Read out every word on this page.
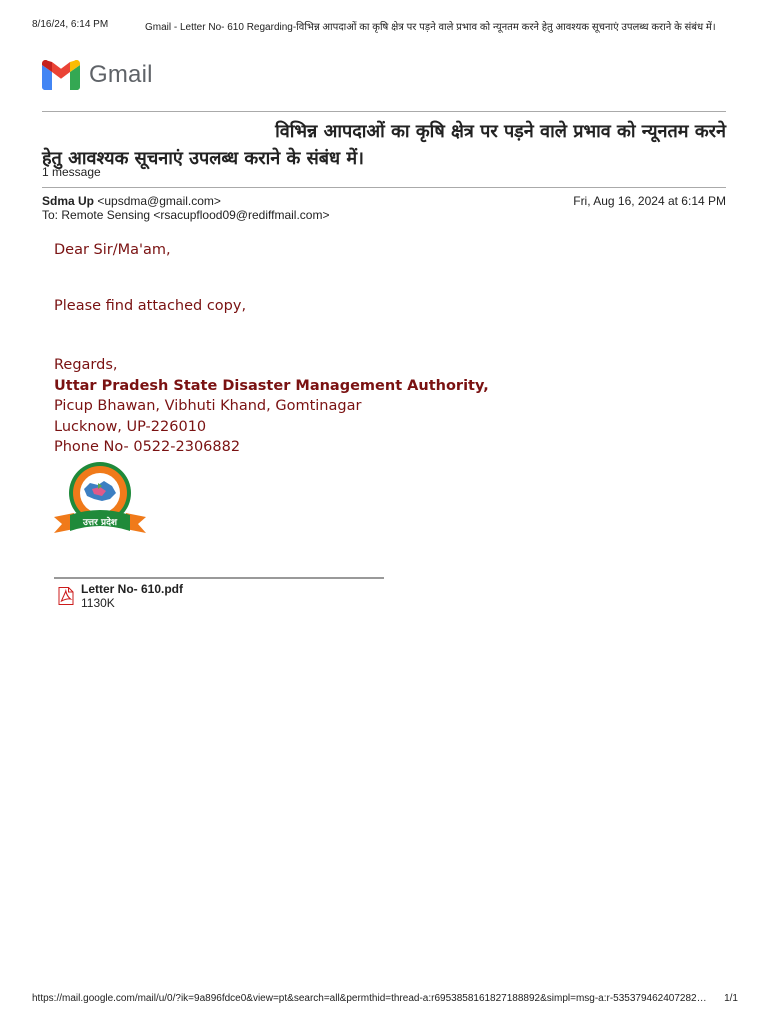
8/16/24, 6:14 PM	Gmail - Letter No- 610 Regarding-विभिन्न आपदाओं का कृषि क्षेत्र पर पड़ने वाले प्रभाव को न्यूनतम करने हेतु आवश्यक सूचनाएं उपलब्ध कराने के संबंध में।
Gmail
विभिन्न आपदाओं का कृषि क्षेत्र पर पड़ने वाले प्रभाव को न्यूनतम करने
हेतु आवश्यक सूचनाएं उपलब्ध कराने के संबंध में।
1 message
Sdma Up <upsdma@gmail.com>	Fri, Aug 16, 2024 at 6:14 PM
To: Remote Sensing <rsacupflood09@rediffmail.com>
Dear Sir/Ma'am,
Please find attached copy,
Regards,
Uttar Pradesh State Disaster Management Authority,
Picup Bhawan, Vibhuti Khand, Gomtinagar
Lucknow, UP-226010
Phone No- 0522-2306882
उत्तर प्रदेश
Letter No- 610.pdf
1130K
https://mail.google.com/mail/u/0/?ik=9a896fdce0&view=pt&search=all&permthid=thread-a:r6953858161827188892&simpl=msg-a:r-535379462407282…	1/1
